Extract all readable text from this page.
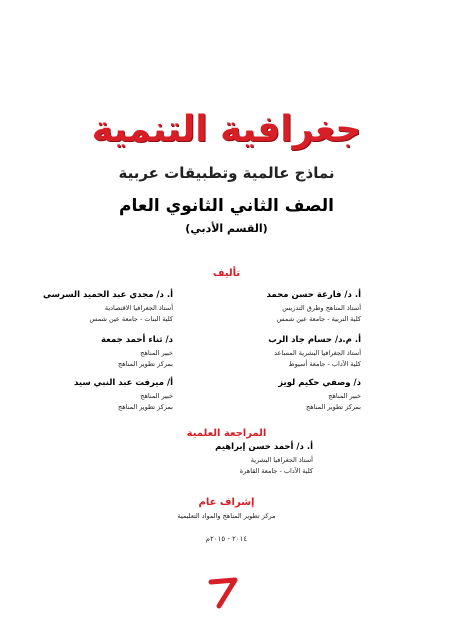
جغرافية التنمية
نماذج عالمية وتطبيقات عربية
الصف الثاني الثانوي العام
(القسم الأدبي)
تأليف
أ. د/ فارعة حسن محمد
أستاذ المناهج وطرق التدريس
كلية التربية - جامعة عين شمس
أ. د/ مجدي عبد الحميد السرسي
أستاذ الجغرافيا الاقتصادية
كلية البنات - جامعة عين شمس
أ. م.د/ حسام جاد الرب
أستاذ الجغرافيا البشرية المساعد
كلية الآداب - جامعة أسيوط
د/ ثناء أحمد جمعة
خبير المناهج
بمركز تطوير المناهج
د/ وصفي حكيم لويز
خبير المناهج
بمركز تطوير المناهج
أ/ ميرفت عبد النبي سيد
خبير المناهج
بمركز تطوير المناهج
المراجعة العلمية
أ. د/ أحمد حسن إبراهيم
أستاذ الجغرافيا البشرية
كلية الآداب - جامعة القاهرة
إشراف عام
مركز تطوير المناهج والمواد التعليمية
٢٠١٤ - ٢٠١٥م
